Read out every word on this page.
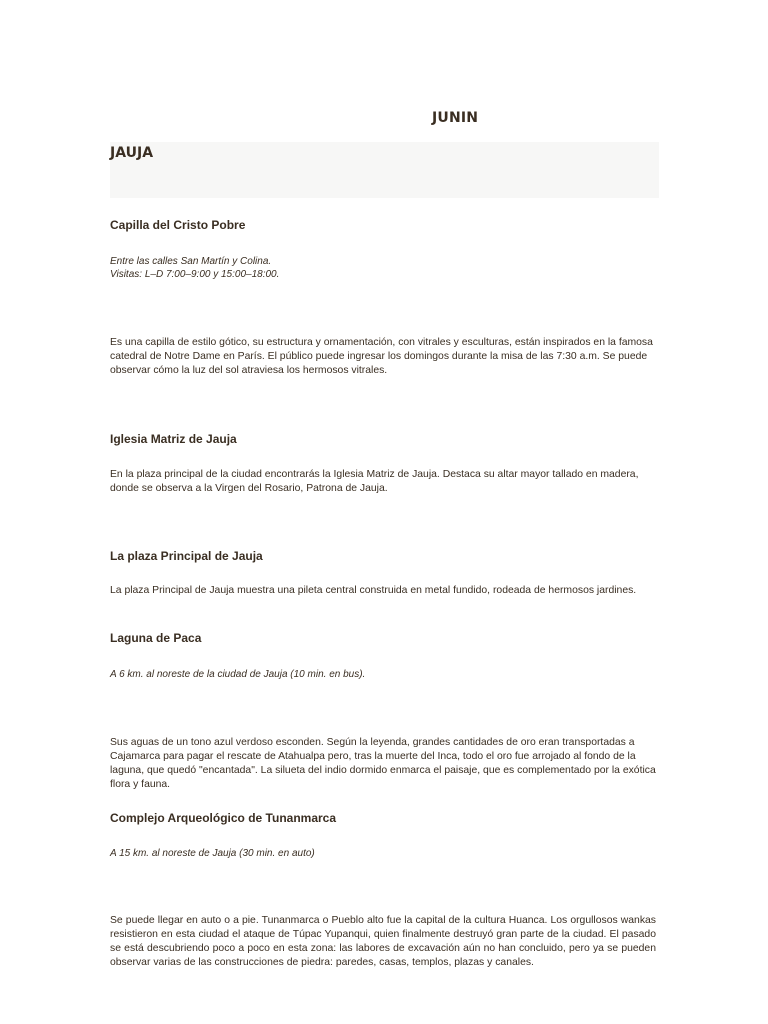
JUNIN
JAUJA
Capilla del Cristo Pobre
Entre las calles San Martín y Colina.
Visitas: L–D 7:00–9:00 y 15:00–18:00.
Es una capilla de estilo gótico, su estructura y ornamentación, con vitrales y esculturas, están inspirados en la famosa catedral de Notre Dame en París. El público puede ingresar los domingos durante la misa de las 7:30 a.m. Se puede observar cómo la luz del sol atraviesa los hermosos vitrales.
Iglesia Matriz de Jauja
En la plaza principal de la ciudad encontrarás la Iglesia Matriz de Jauja. Destaca su altar mayor tallado en madera, donde se observa a la Virgen del Rosario, Patrona de Jauja.
La plaza Principal de Jauja
La plaza Principal de Jauja muestra una pileta central construida en metal fundido, rodeada de hermosos jardines.
Laguna de Paca
A 6 km. al noreste de la ciudad de Jauja (10 min. en bus).
Sus aguas de un tono azul verdoso esconden. Según la leyenda, grandes cantidades de oro eran transportadas a Cajamarca para pagar el rescate de Atahualpa pero, tras la muerte del Inca, todo el oro fue arrojado al fondo de la laguna, que quedó "encantada". La silueta del indio dormido enmarca el paisaje, que es complementado por la exótica flora y fauna.
Complejo Arqueológico de Tunanmarca
A 15 km. al noreste de Jauja (30 min. en auto)
Se puede llegar en auto o a pie. Tunanmarca o Pueblo alto fue la capital de la cultura Huanca. Los orgullosos wankas resistieron en esta ciudad el ataque de Túpac Yupanqui, quien finalmente destruyó gran parte de la ciudad. El pasado se está descubriendo poco a poco en esta zona: las labores de excavación aún no han concluido, pero ya se pueden observar varias de las construcciones de piedra: paredes, casas, templos, plazas y canales.
